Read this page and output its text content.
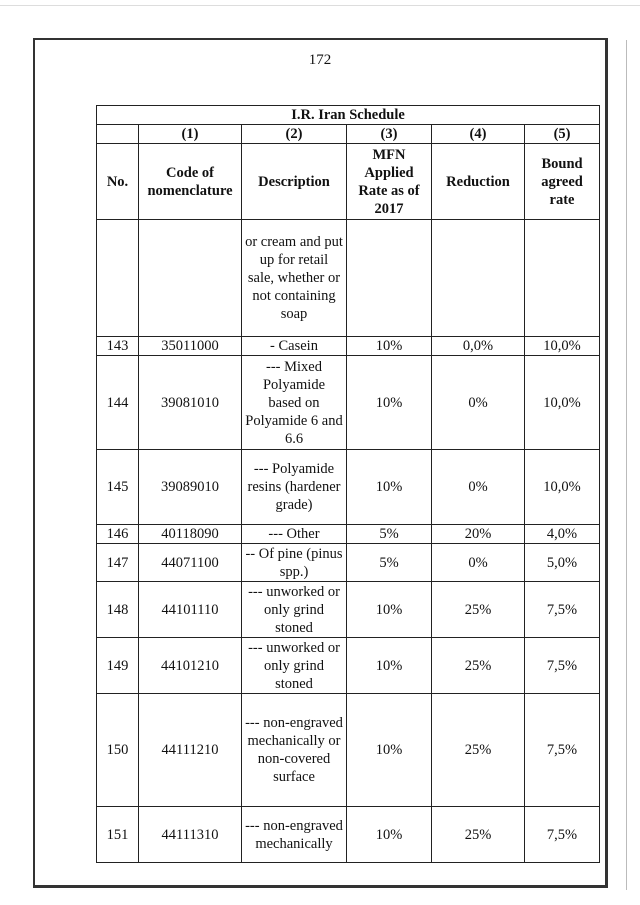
172
I.R. Iran Schedule					
	(1)	(2)	(3)	(4)	(5)
No.	Code of nomenclature	Description	MFN Applied Rate as of 2017	Reduction	Bound agreed rate
		or cream and put up for retail sale, whether or not containing soap			
143	35011000	- Casein	10%	0,0%	10,0%
144	39081010	--- Mixed Polyamide based on Polyamide 6 and 6.6	10%	0%	10,0%
145	39089010	--- Polyamide resins (hardener grade)	10%	0%	10,0%
146	40118090	--- Other	5%	20%	4,0%
147	44071100	-- Of pine (pinus spp.)	5%	0%	5,0%
148	44101110	--- unworked or only grind stoned	10%	25%	7,5%
149	44101210	--- unworked or only grind stoned	10%	25%	7,5%
150	44111210	--- non-engraved mechanically or non-covered surface	10%	25%	7,5%
151	44111310	--- non-engraved mechanically	10%	25%	7,5%
